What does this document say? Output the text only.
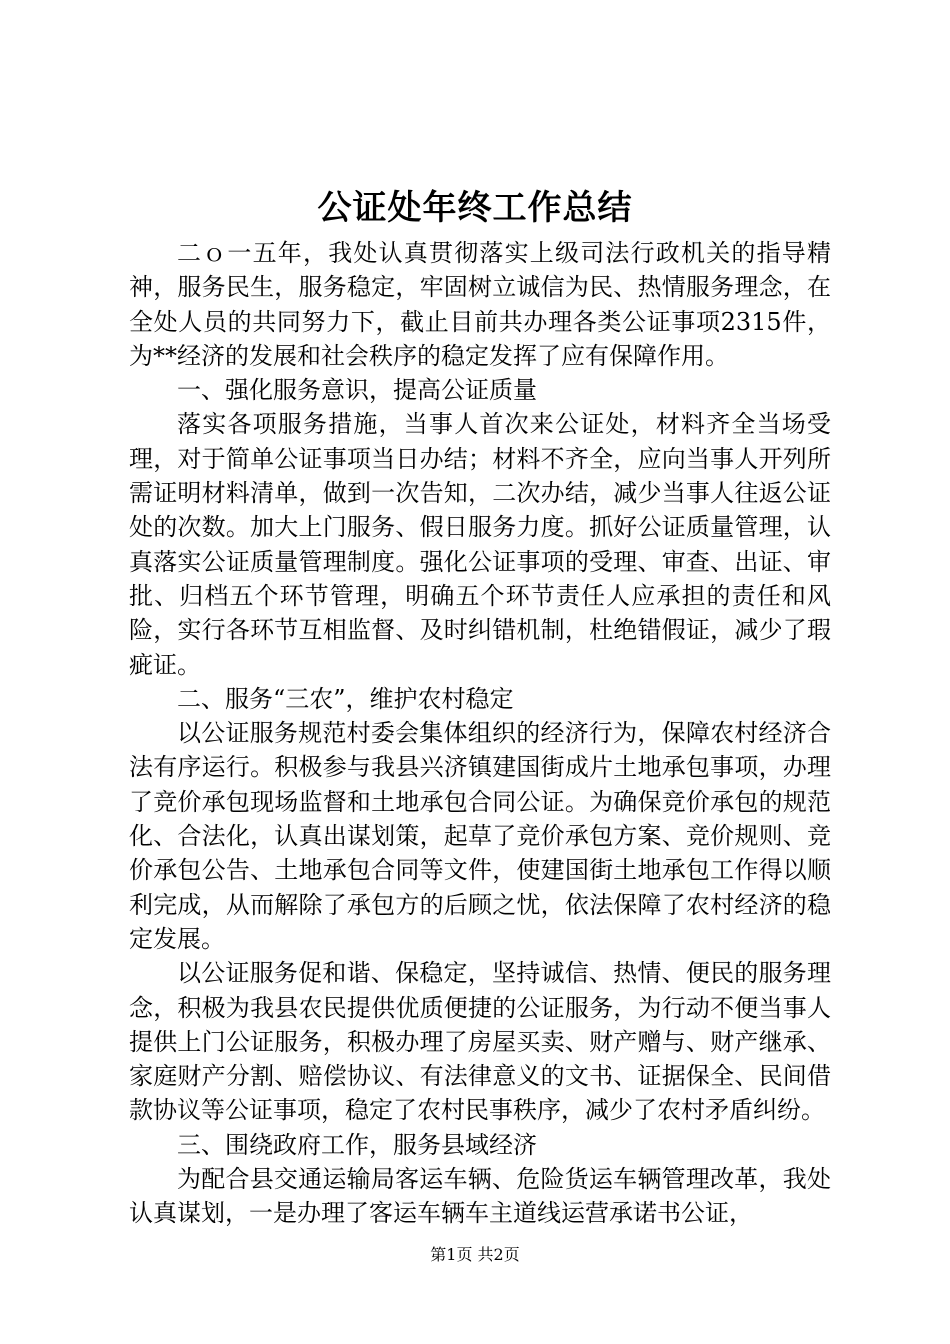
公证处年终工作总结

二ｏ一五年，我处认真贯彻落实上级司法行政机关的指导精神，服务民生，服务稳定，牢固树立诚信为民、热情服务理念，在全处人员的共同努力下，截止目前共办理各类公证事项2315件，为**经济的发展和社会秩序的稳定发挥了应有保障作用。

一、强化服务意识，提高公证质量

落实各项服务措施，当事人首次来公证处，材料齐全当场受理，对于简单公证事项当日办结；材料不齐全，应向当事人开列所需证明材料清单，做到一次告知，二次办结，减少当事人往返公证处的次数。加大上门服务、假日服务力度。抓好公证质量管理，认真落实公证质量管理制度。强化公证事项的受理、审查、出证、审批、归档五个环节管理，明确五个环节责任人应承担的责任和风险，实行各环节互相监督、及时纠错机制，杜绝错假证，减少了瑕疵证。

二、服务“三农”，维护农村稳定

以公证服务规范村委会集体组织的经济行为，保障农村经济合法有序运行。积极参与我县兴济镇建国街成片土地承包事项，办理了竞价承包现场监督和土地承包合同公证。为确保竞价承包的规范化、合法化，认真出谋划策，起草了竞价承包方案、竞价规则、竞价承包公告、土地承包合同等文件，使建国街土地承包工作得以顺利完成，从而解除了承包方的后顾之忧，依法保障了农村经济的稳定发展。

以公证服务促和谐、保稳定，坚持诚信、热情、便民的服务理念，积极为我县农民提供优质便捷的公证服务，为行动不便当事人提供上门公证服务，积极办理了房屋买卖、财产赠与、财产继承、家庭财产分割、赔偿协议、有法律意义的文书、证据保全、民间借款协议等公证事项，稳定了农村民事秩序，减少了农村矛盾纠纷。

三、围绕政府工作，服务县域经济

为配合县交通运输局客运车辆、危险货运车辆管理改革，我处认真谋划，一是办理了客运车辆车主道线运营承诺书公证，

第1页 共2页
